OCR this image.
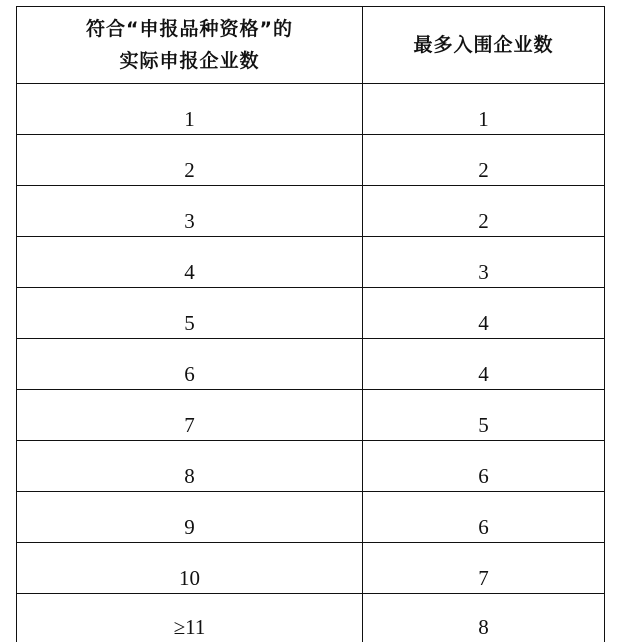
符合“申报品种资格”的
实际申报企业数	最多入围企业数
1	1
2	2
3	2
4	3
5	4
6	4
7	5
8	6
9	6
10	7
≥11	8
